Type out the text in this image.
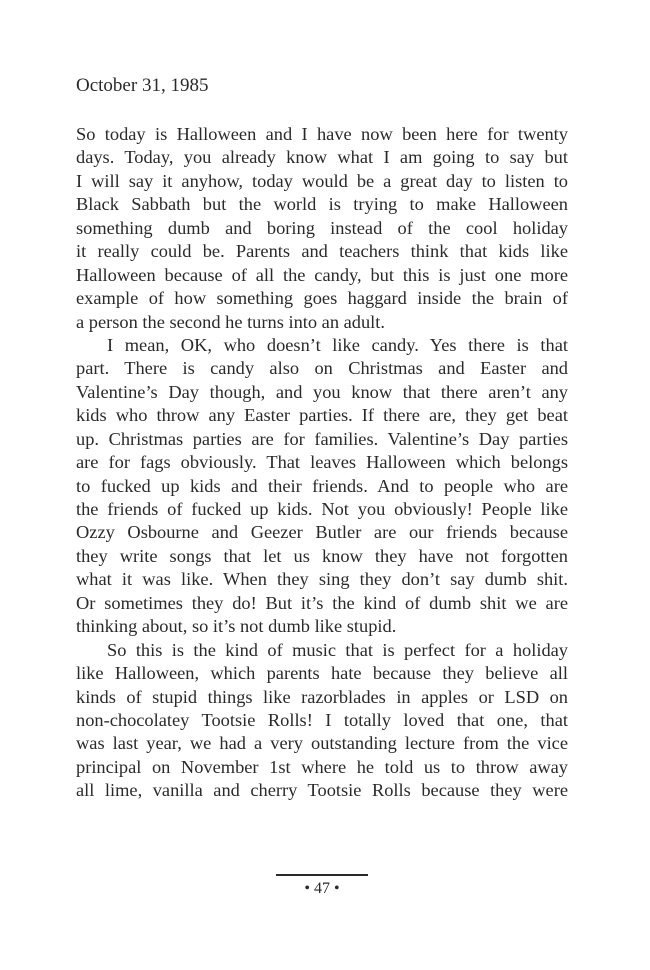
October 31, 1985
So today is Halloween and I have now been here for twenty
days. Today, you already know what I am going to say but
I will say it anyhow, today would be a great day to listen to
Black Sabbath but the world is trying to make Halloween
something dumb and boring instead of the cool holiday
it really could be. Parents and teachers think that kids like
Halloween because of all the candy, but this is just one more
example of how something goes haggard inside the brain of
a person the second he turns into an adult.
I mean, OK, who doesn’t like candy. Yes there is that
part. There is candy also on Christmas and Easter and
Valentine’s Day though, and you know that there aren’t any
kids who throw any Easter parties. If there are, they get beat
up. Christmas parties are for families. Valentine’s Day parties
are for fags obviously. That leaves Halloween which belongs
to fucked up kids and their friends. And to people who are
the friends of fucked up kids. Not you obviously! People like
Ozzy Osbourne and Geezer Butler are our friends because
they write songs that let us know they have not forgotten
what it was like. When they sing they don’t say dumb shit.
Or sometimes they do! But it’s the kind of dumb shit we are
thinking about, so it’s not dumb like stupid.
So this is the kind of music that is perfect for a holiday
like Halloween, which parents hate because they believe all
kinds of stupid things like razorblades in apples or LSD on
non-chocolatey Tootsie Rolls! I totally loved that one, that
was last year, we had a very outstanding lecture from the vice
principal on November 1st where he told us to throw away
all lime, vanilla and cherry Tootsie Rolls because they were
• 47 •
